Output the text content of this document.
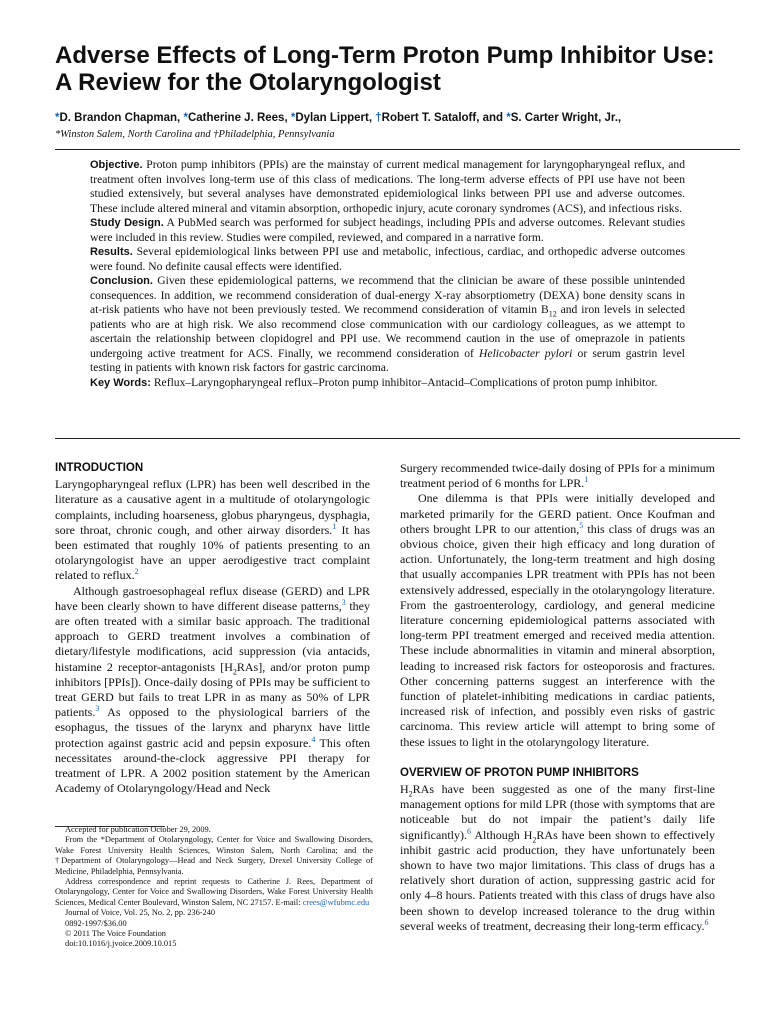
Adverse Effects of Long-Term Proton Pump Inhibitor Use: A Review for the Otolaryngologist
*D. Brandon Chapman, *Catherine J. Rees, *Dylan Lippert, †Robert T. Sataloff, and *S. Carter Wright, Jr.,
*Winston Salem, North Carolina and †Philadelphia, Pennsylvania

Objective. Proton pump inhibitors (PPIs) are the mainstay of current medical management for laryngopharyngeal reflux, and treatment often involves long-term use of this class of medications. The long-term adverse effects of PPI use have not been studied extensively, but several analyses have demonstrated epidemiological links between PPI use and adverse outcomes. These include altered mineral and vitamin absorption, orthopedic injury, acute coronary syndromes (ACS), and infectious risks.

Study Design. A PubMed search was performed for subject headings, including PPIs and adverse outcomes. Relevant studies were included in this review. Studies were compiled, reviewed, and compared in a narrative form.

Results. Several epidemiological links between PPI use and metabolic, infectious, cardiac, and orthopedic adverse outcomes were found. No definite causal effects were identified.

Conclusion. Given these epidemiological patterns, we recommend that the clinician be aware of these possible unintended consequences. In addition, we recommend consideration of dual-energy X-ray absorptiometry (DEXA) bone density scans in at-risk patients who have not been previously tested. We recommend consideration of vitamin $B_{12}$ and iron levels in selected patients who are at high risk. We also recommend close communication with our cardiology colleagues, as we attempt to ascertain the relationship between clopidogrel and PPI use. We recommend caution in the use of omeprazole in patients undergoing active treatment for ACS. Finally, we recommend consideration of Helicobacter pylori or serum gastrin level testing in patients with known risk factors for gastric carcinoma.

Key Words: Reflux–Laryngopharyngeal reflux–Proton pump inhibitor–Antacid–Complications of proton pump inhibitor.

INTRODUCTION

Laryngopharyngeal reflux (LPR) has been well described in the literature as a causative agent in a multitude of otolaryngologic complaints, including hoarseness, globus pharyngeus, dysphagia, sore throat, chronic cough, and other airway disorders.$^1$ It has been estimated that roughly 10% of patients presenting to an otolaryngologist have an upper aerodigestive tract complaint related to reflux.$^2$

Although gastroesophageal reflux disease (GERD) and LPR have been clearly shown to have different disease patterns,$^3$ they are often treated with a similar basic approach. The traditional approach to GERD treatment involves a combination of dietary/lifestyle modifications, acid suppression (via antacids, histamine 2 receptor-antagonists $[H_2RAs]$, and/or proton pump inhibitors [PPIs]). Once-daily dosing of PPIs may be sufficient to treat GERD but fails to treat LPR in as many as 50% of LPR patients.$^3$ As opposed to the physiological barriers of the esophagus, the tissues of the larynx and pharynx have little protection against gastric acid and pepsin exposure.$^4$ This often necessitates around-the-clock aggressive PPI therapy for treatment of LPR. A 2002 position statement by the American Academy of Otolaryngology/Head and Neck

Accepted for publication October 29, 2009.

From the *Department of Otolaryngology, Center for Voice and Swallowing Disorders, Wake Forest University Health Sciences, Winston Salem, North Carolina; and the †Department of Otolaryngology—Head and Neck Surgery, Drexel University College of Medicine, Philadelphia, Pennsylvania.

Address correspondence and reprint requests to Catherine J. Rees, Department of Otolaryngology, Center for Voice and Swallowing Disorders, Wake Forest University Health Sciences, Medical Center Boulevard, Winston Salem, NC 27157. E-mail: crees@wfubmc.edu

Journal of Voice, Vol. 25, No. 2, pp. 236-240

0892-1997/$36.00

© 2011 The Voice Foundation

doi:10.1016/j.jvoice.2009.10.015

Surgery recommended twice-daily dosing of PPIs for a minimum treatment period of 6 months for LPR.$^1$

One dilemma is that PPIs were initially developed and marketed primarily for the GERD patient. Once Koufman and others brought LPR to our attention,$^5$ this class of drugs was an obvious choice, given their high efficacy and long duration of action. Unfortunately, the long-term treatment and high dosing that usually accompanies LPR treatment with PPIs has not been extensively addressed, especially in the otolaryngology literature. From the gastroenterology, cardiology, and general medicine literature concerning epidemiological patterns associated with long-term PPI treatment emerged and received media attention. These include abnormalities in vitamin and mineral absorption, leading to increased risk factors for osteoporosis and fractures. Other concerning patterns suggest an interference with the function of platelet-inhibiting medications in cardiac patients, increased risk of infection, and possibly even risks of gastric carcinoma. This review article will attempt to bring some of these issues to light in the otolaryngology literature.

OVERVIEW OF PROTON PUMP INHIBITORS

$H_2RAs$ have been suggested as one of the many first-line management options for mild LPR (those with symptoms that are noticeable but do not impair the patient’s daily life significantly).$^6$ Although $H_2RAs$ have been shown to effectively inhibit gastric acid production, they have unfortunately been shown to have two major limitations. This class of drugs has a relatively short duration of action, suppressing gastric acid for only 4–8 hours. Patients treated with this class of drugs have also been shown to develop increased tolerance to the drug within several weeks of treatment, decreasing their long-term efficacy.$^6$
